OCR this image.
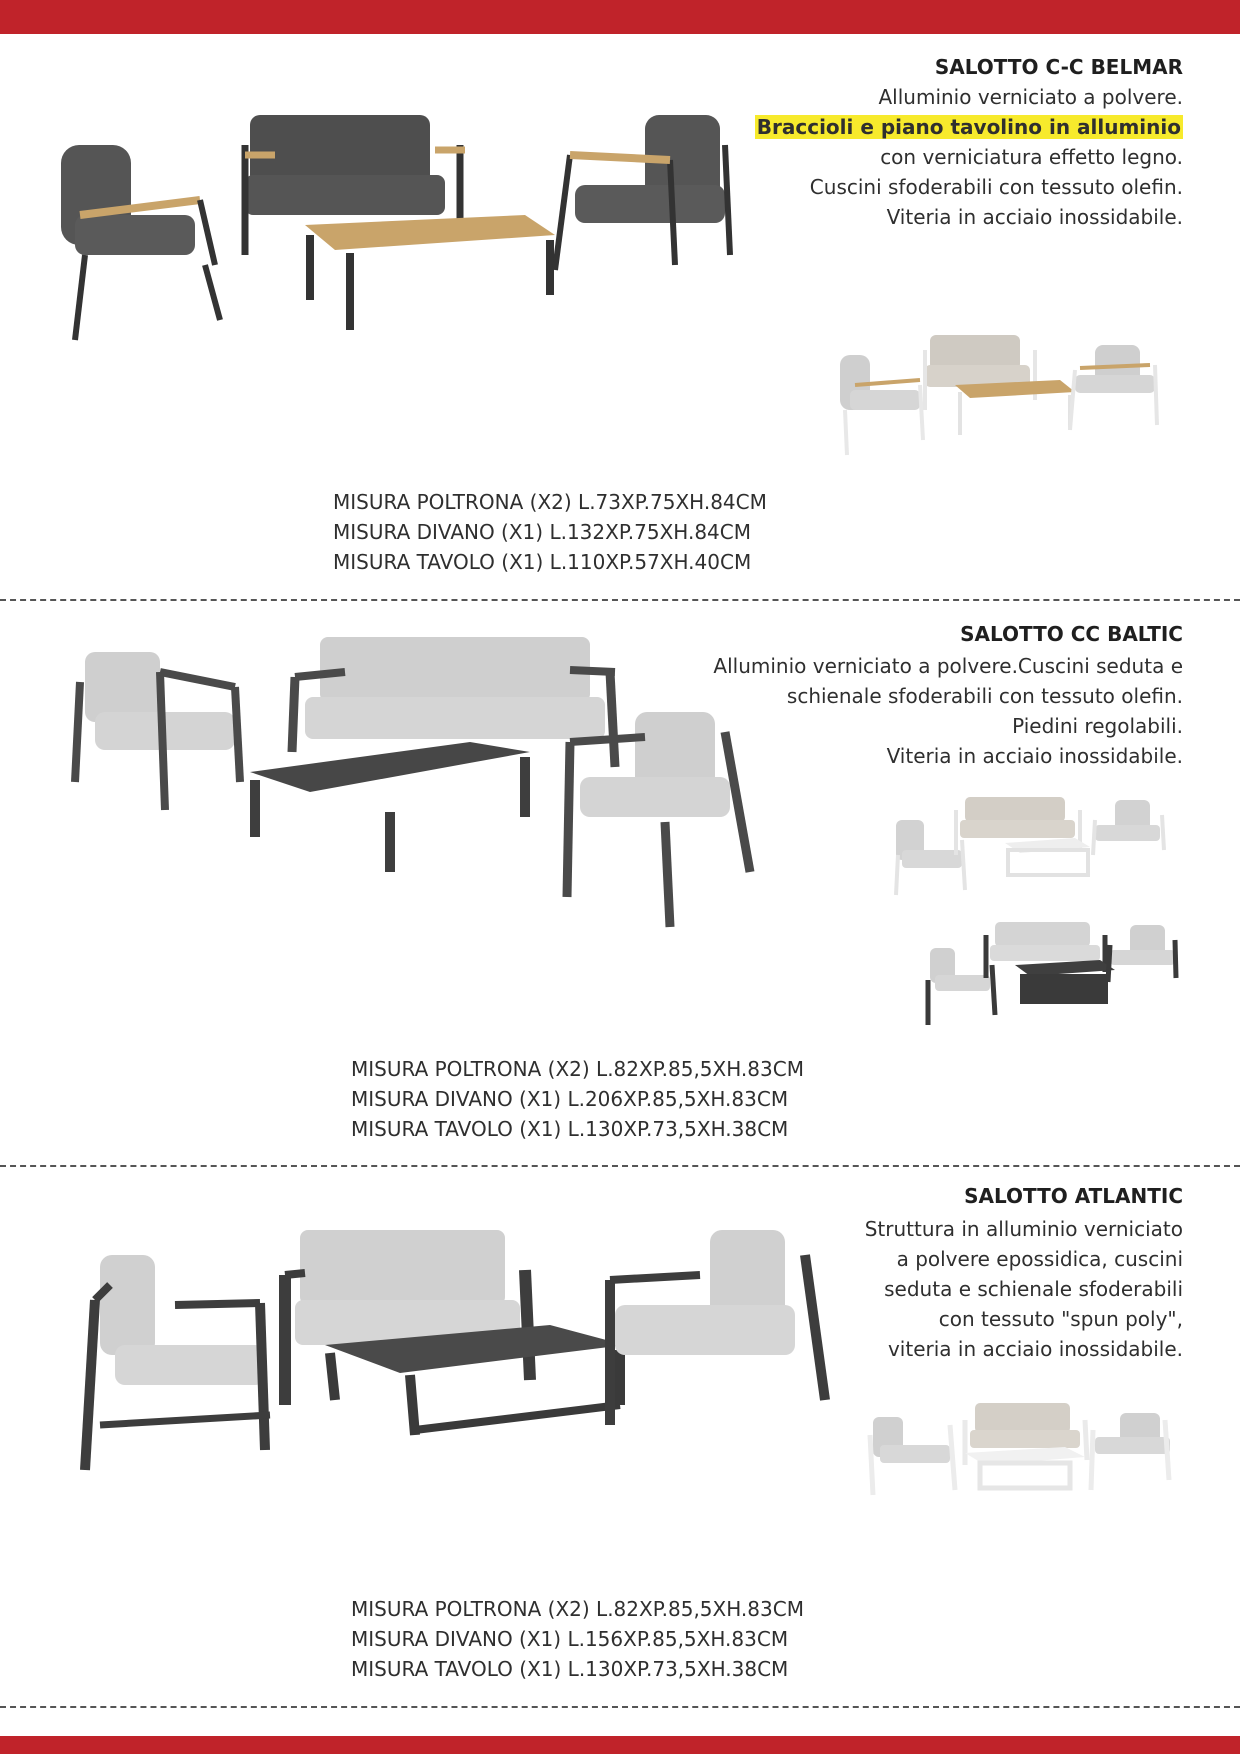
SALOTTO C-C BELMAR
Alluminio verniciato a polvere.
Braccioli e piano tavolino in alluminio
con verniciatura effetto legno.
Cuscini sfoderabili con tessuto olefin.
Viteria in acciaio inossidabile.
MISURA POLTRONA (X2) L.73XP.75XH.84CM
MISURA DIVANO (X1) L.132XP.75XH.84CM
MISURA TAVOLO (X1) L.110XP.57XH.40CM
SALOTTO CC BALTIC
Alluminio verniciato a polvere.Cuscini seduta e
schienale sfoderabili con tessuto olefin.
Piedini regolabili.
Viteria in acciaio inossidabile.
MISURA POLTRONA (X2) L.82XP.85,5XH.83CM
MISURA DIVANO (X1) L.206XP.85,5XH.83CM
MISURA TAVOLO (X1) L.130XP.73,5XH.38CM
SALOTTO ATLANTIC
Struttura in alluminio verniciato
a polvere epossidica, cuscini
seduta e schienale sfoderabili
con tessuto "spun poly",
viteria in acciaio inossidabile.
MISURA POLTRONA (X2) L.82XP.85,5XH.83CM
MISURA DIVANO (X1) L.156XP.85,5XH.83CM
MISURA TAVOLO (X1) L.130XP.73,5XH.38CM
